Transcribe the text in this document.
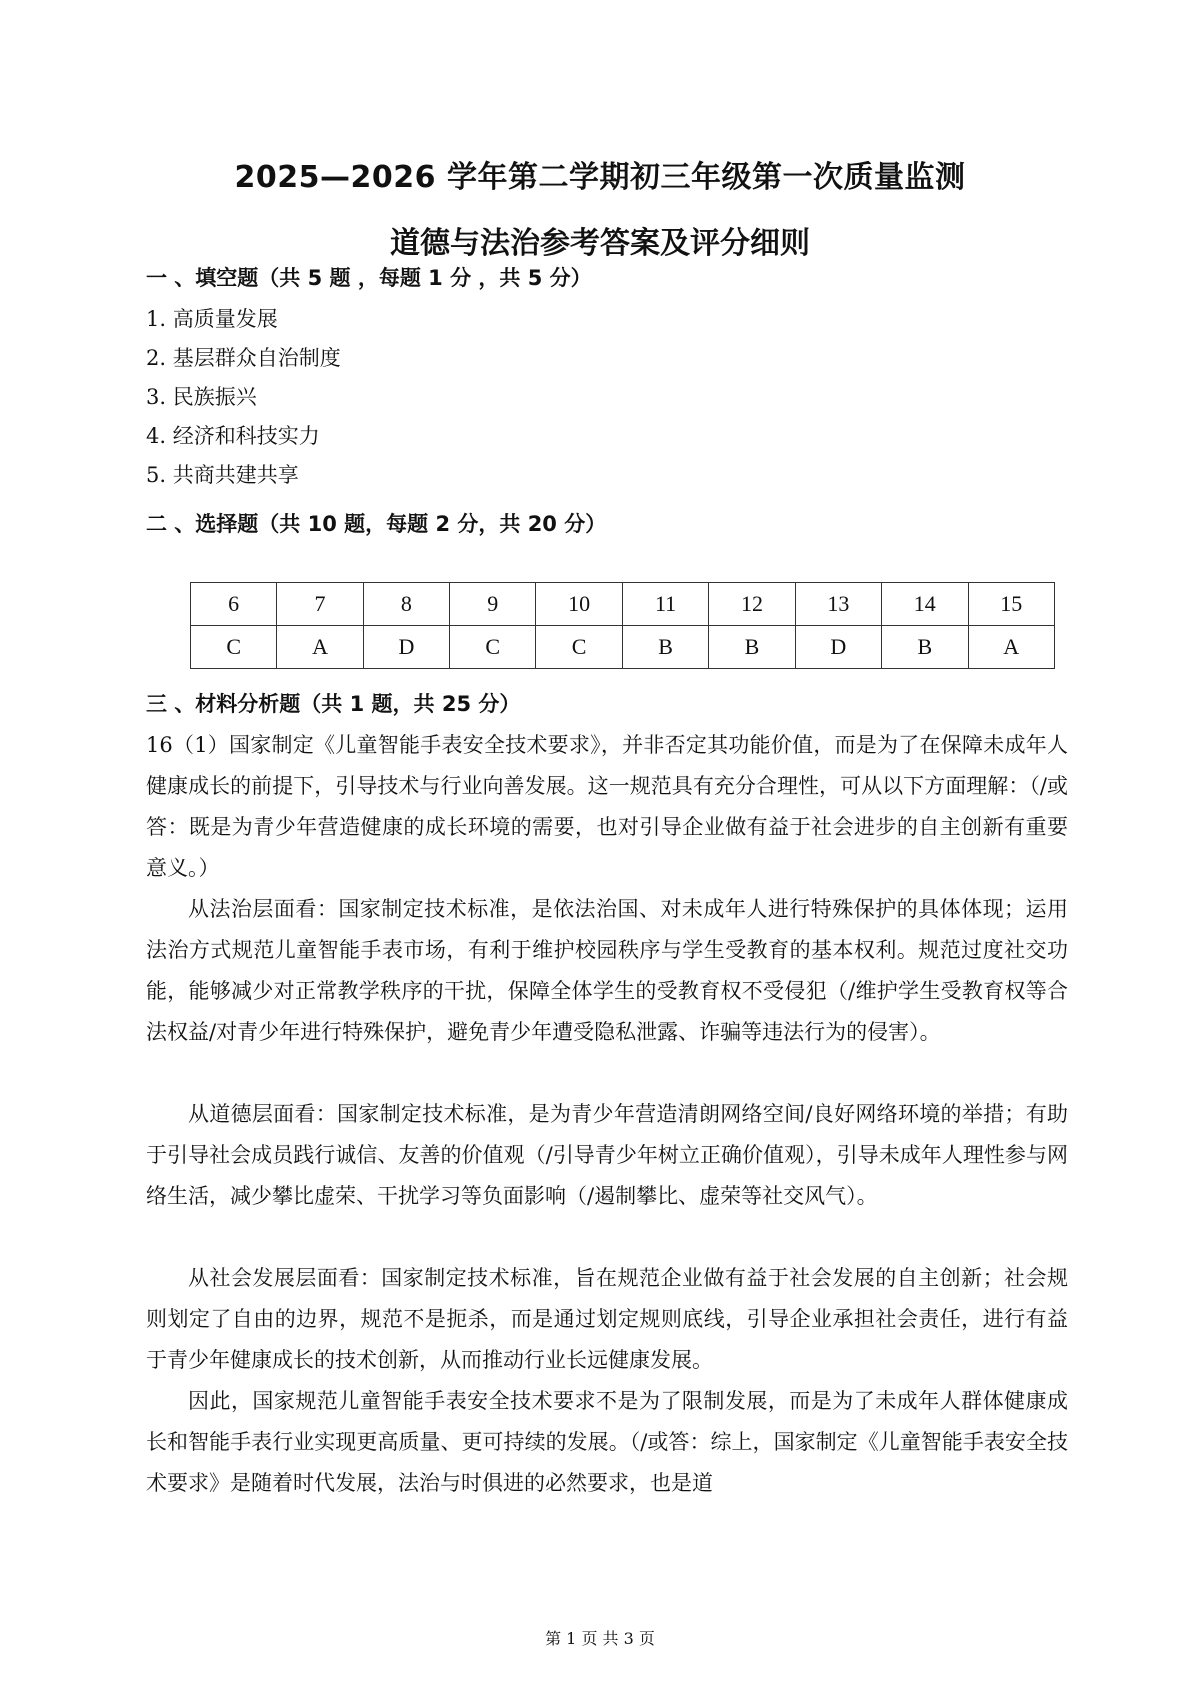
2025—2026 学年第二学期初三年级第一次质量监测
道德与法治参考答案及评分细则
一 、填空题（共 5 题 ，每题 1 分 ，共 5 分）
1. 高质量发展
2. 基层群众自治制度
3. 民族振兴
4. 经济和科技实力
5. 共商共建共享
二 、选择题（共 10 题，每题 2 分，共 20 分）
6	7	8	9	10	11	12	13	14	15
C	A	D	C	C	B	B	D	B	A
三 、材料分析题（共 1 题，共 25 分）

16（1）国家制定《儿童智能手表安全技术要求》，并非否定其功能价值，而是为了在保障未成年人健康成长的前提下，引导技术与行业向善发展。这一规范具有充分合理性，可从以下方面理解：（/或答：既是为青少年营造健康的成长环境的需要，也对引导企业做有益于社会进步的自主创新有重要意义。）

从法治层面看：国家制定技术标准，是依法治国、对未成年人进行特殊保护的具体体现；运用法治方式规范儿童智能手表市场，有利于维护校园秩序与学生受教育的基本权利。规范过度社交功能，能够减少对正常教学秩序的干扰，保障全体学生的受教育权不受侵犯（/维护学生受教育权等合法权益/对青少年进行特殊保护，避免青少年遭受隐私泄露、诈骗等违法行为的侵害）。

从道德层面看：国家制定技术标准，是为青少年营造清朗网络空间/良好网络环境的举措；有助于引导社会成员践行诚信、友善的价值观（/引导青少年树立正确价值观），引导未成年人理性参与网络生活，减少攀比虚荣、干扰学习等负面影响（/遏制攀比、虚荣等社交风气）。

从社会发展层面看：国家制定技术标准，旨在规范企业做有益于社会发展的自主创新；社会规则划定了自由的边界，规范不是扼杀，而是通过划定规则底线，引导企业承担社会责任，进行有益于青少年健康成长的技术创新，从而推动行业长远健康发展。

因此，国家规范儿童智能手表安全技术要求不是为了限制发展，而是为了未成年人群体健康成长和智能手表行业实现更高质量、更可持续的发展。（/或答：综上，国家制定《儿童智能手表安全技术要求》是随着时代发展，法治与时俱进的必然要求，也是道

第 1 页 共 3 页
